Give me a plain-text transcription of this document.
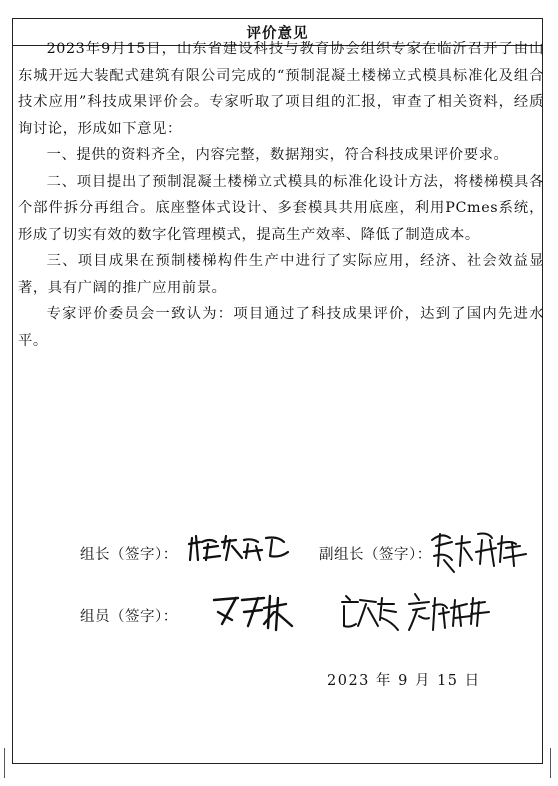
评价意见

2023年9月15日，山东省建设科技与教育协会组织专家在临沂召开了由山东城开远大装配式建筑有限公司完成的“预制混凝土楼梯立式模具标准化及组合技术应用”科技成果评价会。专家听取了项目组的汇报，审查了相关资料，经质询讨论，形成如下意见：

一、提供的资料齐全，内容完整，数据翔实，符合科技成果评价要求。

二、项目提出了预制混凝土楼梯立式模具的标准化设计方法，将楼梯模具各个部件拆分再组合。底座整体式设计、多套模具共用底座，利用PCmes系统，形成了切实有效的数字化管理模式，提高生产效率、降低了制造成本。

三、项目成果在预制楼梯构件生产中进行了实际应用，经济、社会效益显著，具有广阔的推广应用前景。

专家评价委员会一致认为：项目通过了科技成果评价，达到了国内先进水平。

组长（签字）：	副组长（签字）：
组员（签字）：
2023 年 9 月 15 日
